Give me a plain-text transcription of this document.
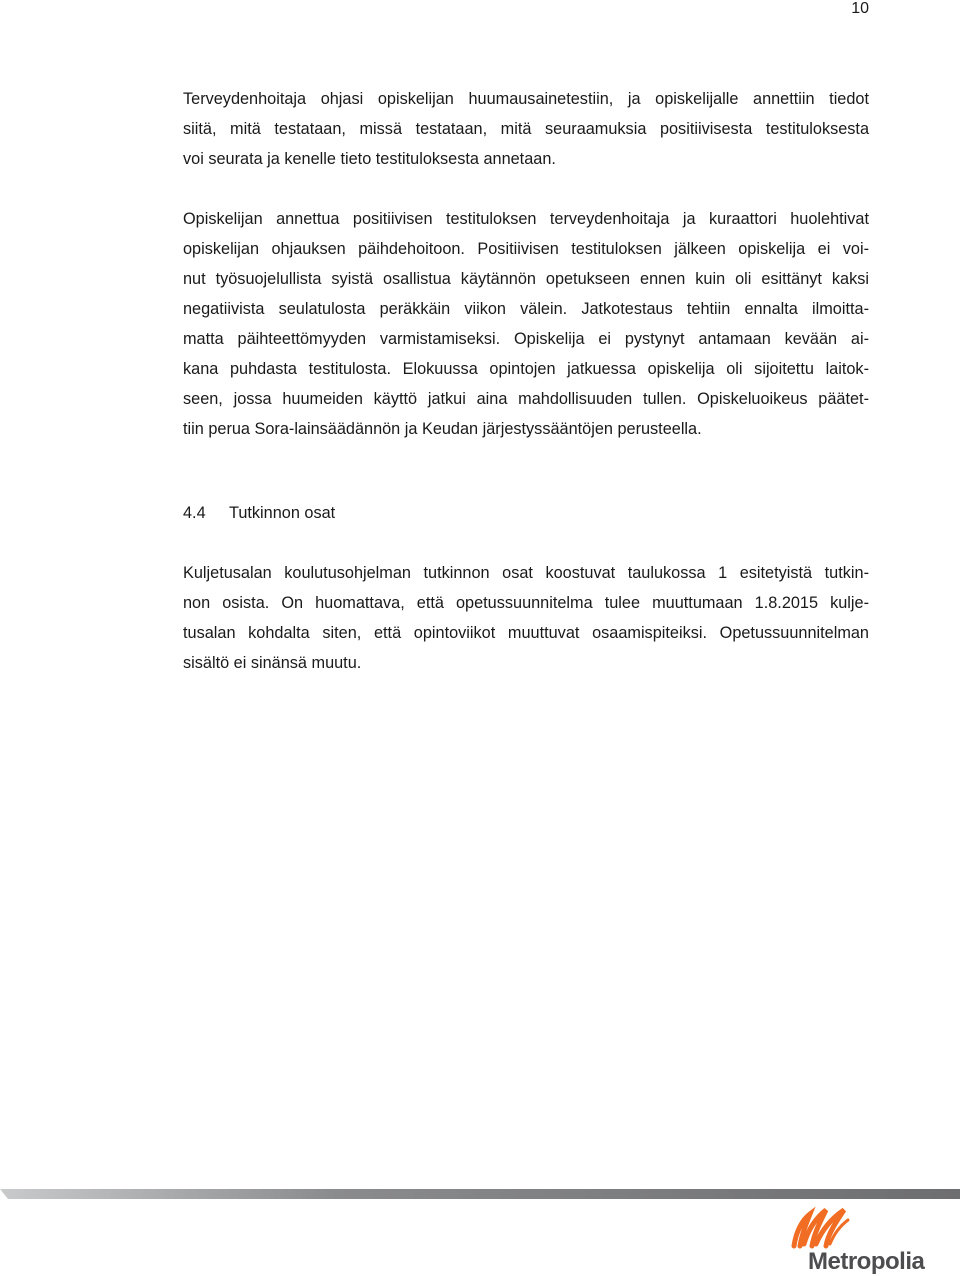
10

Terveydenhoitaja ohjasi opiskelijan huumausainetestiin, ja opiskelijalle annettiin tiedot
siitä, mitä testataan, missä testataan, mitä seuraamuksia positiivisesta testituloksesta
voi seurata ja kenelle tieto testituloksesta annetaan.

Opiskelijan annettua positiivisen testituloksen terveydenhoitaja ja kuraattori huolehtivat
opiskelijan ohjauksen päihdehoitoon. Positiivisen testituloksen jälkeen opiskelija ei voi-
nut työsuojelullista syistä osallistua käytännön opetukseen ennen kuin oli esittänyt kaksi
negatiivista seulatulosta peräkkäin viikon välein. Jatkotestaus tehtiin ennalta ilmoitta-
matta päihteettömyyden varmistamiseksi. Opiskelija ei pystynyt antamaan kevään ai-
kana puhdasta testitulosta. Elokuussa opintojen jatkuessa opiskelija oli sijoitettu laitok-
seen, jossa huumeiden käyttö jatkui aina mahdollisuuden tullen. Opiskeluoikeus päätet-
tiin perua Sora-lainsäädännön ja Keudan järjestyssääntöjen perusteella.

4.4 Tutkinnon osat

Kuljetusalan koulutusohjelman tutkinnon osat koostuvat taulukossa 1 esitetyistä tutkin-
non osista. On huomattava, että opetussuunnitelma tulee muuttumaan 1.8.2015 kulje-
tusalan kohdalta siten, että opintoviikot muuttuvat osaamispiteiksi. Opetussuunnitelman
sisältö ei sinänsä muutu.

Metropolia
